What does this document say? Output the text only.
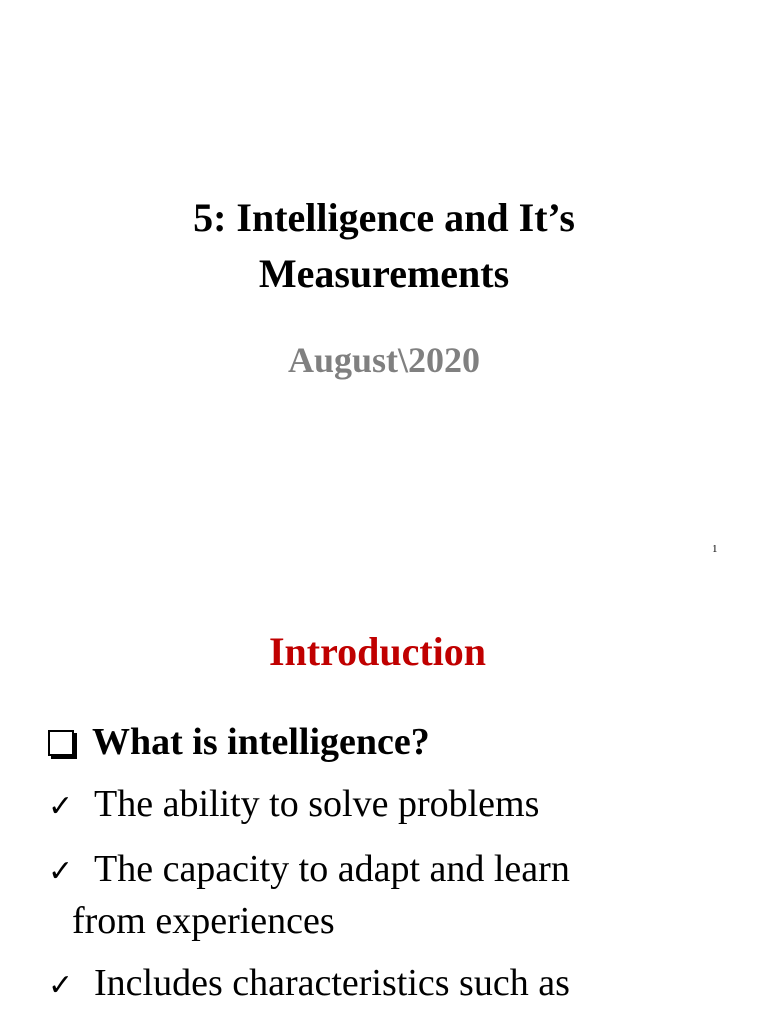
5: Intelligence and It’s
Measurements
August\2020
1
Introduction
What is intelligence?
✓ The ability to solve problems
✓ The capacity to adapt and learn
from experiences
✓ Includes characteristics such as
